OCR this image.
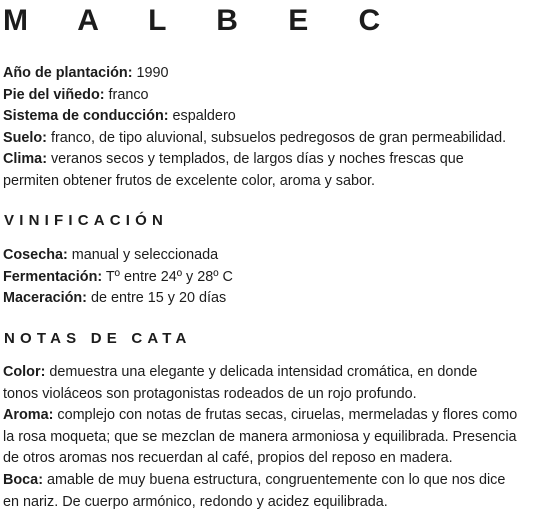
M A L B E C
Año de plantación: 1990
Pie del viñedo: franco
Sistema de conducción: espaldero
Suelo: franco, de tipo aluvional, subsuelos pedregosos de gran permeabilidad.
Clima: veranos secos y templados, de largos días y noches frescas que
permiten obtener frutos de excelente color, aroma y sabor.
VINIFICACIÓN
Cosecha: manual y seleccionada
Fermentación: Tº entre 24º y 28º C
Maceración: de entre 15 y 20 días
NOTAS DE CATA
Color: demuestra una elegante y delicada intensidad cromática, en donde
tonos violáceos son protagonistas rodeados de un rojo profundo.
Aroma: complejo con notas de frutas secas, ciruelas, mermeladas y flores como
la rosa moqueta; que se mezclan de manera armoniosa y equilibrada. Presencia
de otros aromas nos recuerdan al café, propios del reposo en madera.
Boca: amable de muy buena estructura, congruentemente con lo que nos dice
en nariz. De cuerpo armónico, redondo y acidez equilibrada.
